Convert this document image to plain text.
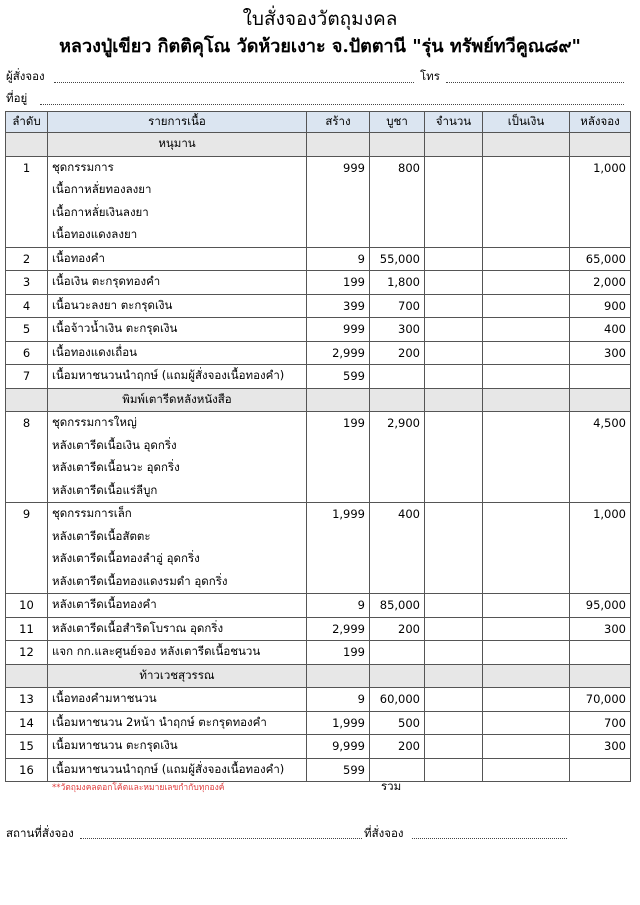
ใบสั่งจองวัตถุมงคล
หลวงปู่เขียว กิตติคุโณ วัดห้วยเงาะ จ.ปัตตานี "รุ่น ทรัพย์ทวีคูณ๘๙"
ผู้สั่งจอง	โทร
ที่อยู่
ลำดับ	รายการเนื้อ	สร้าง	บูชา	จำนวน	เป็นเงิน	หลังจอง
	หนุมาน					
1	ชุดกรรมการ	999	800			1,000
	เนื้อกาหลั่ยทองลงยา					
	เนื้อกาหลั่ยเงินลงยา					
	เนื้อทองแดงลงยา					
2	เนื้อทองคำ	9	55,000			65,000
3	เนื้อเงิน ตะกรุดทองคำ	199	1,800			2,000
4	เนื้อนวะลงยา ตะกรุดเงิน	399	700			900
5	เนื้อจ้าวน้ำเงิน ตะกรุดเงิน	999	300			400
6	เนื้อทองแดงเถื่อน	2,999	200			300
7	เนื้อมหาชนวนนำฤกษ์ (แถมผู้สั่งจองเนื้อทองคำ)	599				
	พิมพ์เตารีดหลังหนังสือ					
8	ชุดกรรมการใหญ่	199	2,900			4,500
	หลังเตารีดเนื้อเงิน อุดกริ่ง					
	หลังเตารีดเนื้อนวะ อุดกริ่ง					
	หลังเตารีดเนื้อแร่ลีบูก					
9	ชุดกรรมการเล็ก	1,999	400			1,000
	หลังเตารีดเนื้อสัตตะ					
	หลังเตารีดเนื้อทองลำอู่ อุดกริ่ง					
	หลังเตารีดเนื้อทองแดงรมดำ อุดกริ่ง					
10	หลังเตารีดเนื้อทองคำ	9	85,000			95,000
11	หลังเตารีดเนื้อสำริดโบราณ อุดกริ่ง	2,999	200			300
12	แจก กก.และศูนย์จอง หลังเตารีดเนื้อชนวน	199				
	ท้าวเวชสุวรรณ					
13	เนื้อทองคำมหาชนวน	9	60,000			70,000
14	เนื้อมหาชนวน 2หน้า นำฤกษ์ ตะกรุดทองคำ	1,999	500			700
15	เนื้อมหาชนวน ตะกรุดเงิน	9,999	200			300
16	เนื้อมหาชนวนนำฤกษ์ (แถมผู้สั่งจองเนื้อทองคำ)	599				
**วัตถุมงคลตอกโค้ตและหมายเลขกำกับทุกองค์	รวม
สถานที่สั่งจอง	ที่สั่งจอง
